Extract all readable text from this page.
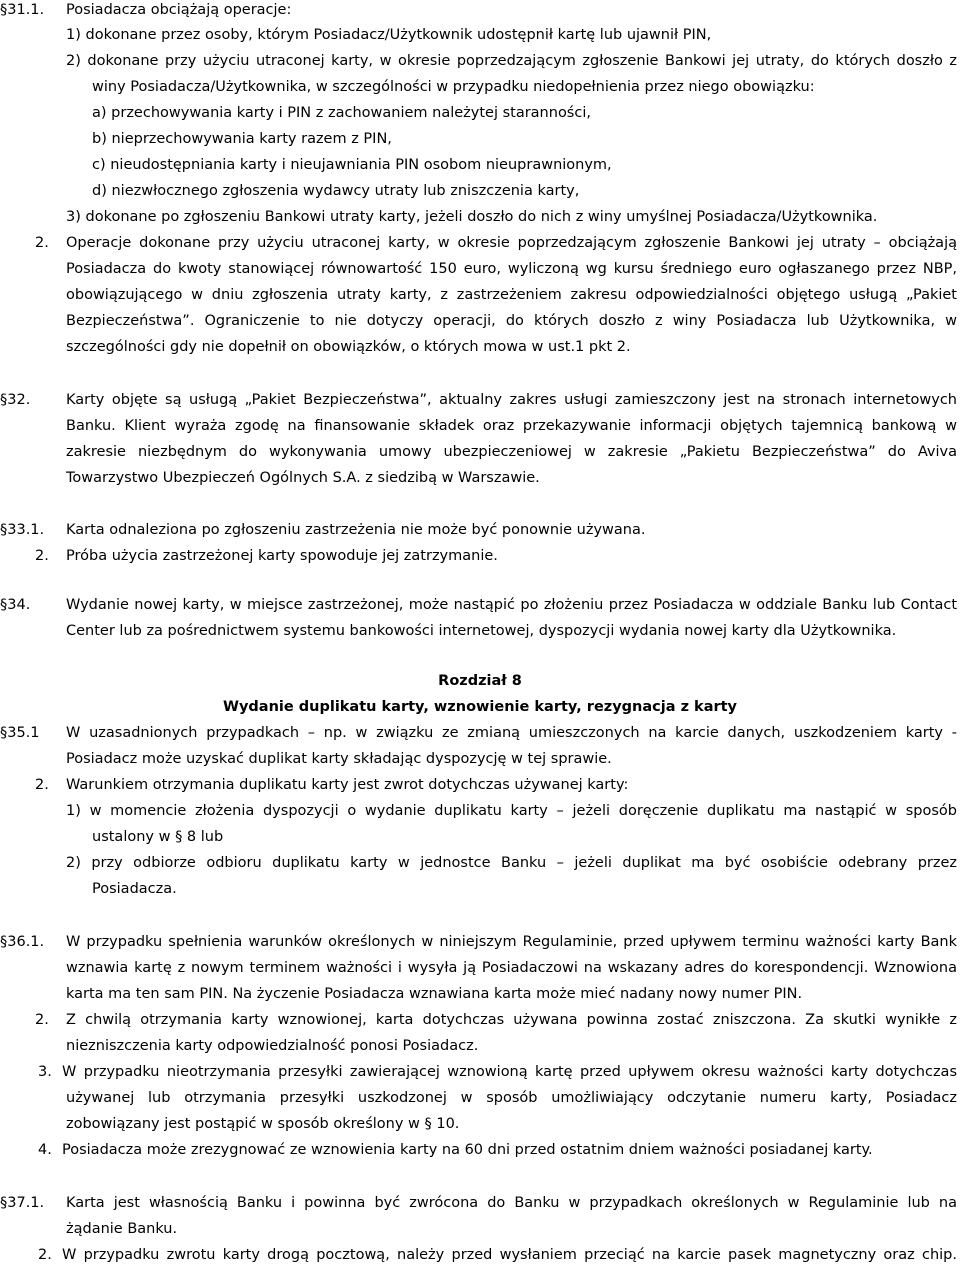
§31.1. Posiadacza obciążają operacje:
1) dokonane przez osoby, którym Posiadacz/Użytkownik udostępnił kartę lub ujawnił PIN,
2) dokonane przy użyciu utraconej karty, w okresie poprzedzającym zgłoszenie Bankowi jej utraty, do których doszło z
winy Posiadacza/Użytkownika, w szczególności w przypadku niedopełnienia przez niego obowiązku:
a) przechowywania karty i PIN z zachowaniem należytej staranności,
b) nieprzechowywania karty razem z PIN,
c) nieudostępniania karty i nieujawniania PIN osobom nieuprawnionym,
d) niezwłocznego zgłoszenia wydawcy utraty lub zniszczenia karty,
3) dokonane po zgłoszeniu Bankowi utraty karty, jeżeli doszło do nich z winy umyślnej Posiadacza/Użytkownika.
2. Operacje dokonane przy użyciu utraconej karty, w okresie poprzedzającym zgłoszenie Bankowi jej utraty – obciążają
Posiadacza do kwoty stanowiącej równowartość 150 euro, wyliczoną wg kursu średniego euro ogłaszanego przez NBP,
obowiązującego w dniu zgłoszenia utraty karty, z zastrzeżeniem zakresu odpowiedzialności objętego usługą „Pakiet
Bezpieczeństwa”. Ograniczenie to nie dotyczy operacji, do których doszło z winy Posiadacza lub Użytkownika, w
szczególności gdy nie dopełnił on obowiązków, o których mowa w ust.1 pkt 2.
§32. Karty objęte są usługą „Pakiet Bezpieczeństwa”, aktualny zakres usługi zamieszczony jest na stronach internetowych
Banku. Klient wyraża zgodę na finansowanie składek oraz przekazywanie informacji objętych tajemnicą bankową w
zakresie niezbędnym do wykonywania umowy ubezpieczeniowej w zakresie „Pakietu Bezpieczeństwa” do Aviva
Towarzystwo Ubezpieczeń Ogólnych S.A. z siedzibą w Warszawie.
§33.1. Karta odnaleziona po zgłoszeniu zastrzeżenia nie może być ponownie używana.
2. Próba użycia zastrzeżonej karty spowoduje jej zatrzymanie.
§34. Wydanie nowej karty, w miejsce zastrzeżonej, może nastąpić po złożeniu przez Posiadacza w oddziale Banku lub Contact
Center lub za pośrednictwem systemu bankowości internetowej, dyspozycji wydania nowej karty dla Użytkownika.
Rozdział 8
Wydanie duplikatu karty, wznowienie karty, rezygnacja z karty
§35.1 W uzasadnionych przypadkach – np. w związku ze zmianą umieszczonych na karcie danych, uszkodzeniem karty -
Posiadacz może uzyskać duplikat karty składając dyspozycję w tej sprawie.
2. Warunkiem otrzymania duplikatu karty jest zwrot dotychczas używanej karty:
1) w momencie złożenia dyspozycji o wydanie duplikatu karty – jeżeli doręczenie duplikatu ma nastąpić w sposób
ustalony w § 8 lub
2) przy odbiorze odbioru duplikatu karty w jednostce Banku – jeżeli duplikat ma być osobiście odebrany przez
Posiadacza.
§36.1. W przypadku spełnienia warunków określonych w niniejszym Regulaminie, przed upływem terminu ważności karty Bank
wznawia kartę z nowym terminem ważności i wysyła ją Posiadaczowi na wskazany adres do korespondencji. Wznowiona
karta ma ten sam PIN. Na życzenie Posiadacza wznawiana karta może mieć nadany nowy numer PIN.
2. Z chwilą otrzymania karty wznowionej, karta dotychczas używana powinna zostać zniszczona. Za skutki wynikłe z
niezniszczenia karty odpowiedzialność ponosi Posiadacz.
3. W przypadku nieotrzymania przesyłki zawierającej wznowioną kartę przed upływem okresu ważności karty dotychczas
używanej lub otrzymania przesyłki uszkodzonej w sposób umożliwiający odczytanie numeru karty, Posiadacz
zobowiązany jest postąpić w sposób określony w § 10.
4. Posiadacza może zrezygnować ze wznowienia karty na 60 dni przed ostatnim dniem ważności posiadanej karty.
§37.1. Karta jest własnością Banku i powinna być zwrócona do Banku w przypadkach określonych w Regulaminie lub na
żądanie Banku.
2. W przypadku zwrotu karty drogą pocztową, należy przed wysłaniem przeciąć na karcie pasek magnetyczny oraz chip.
